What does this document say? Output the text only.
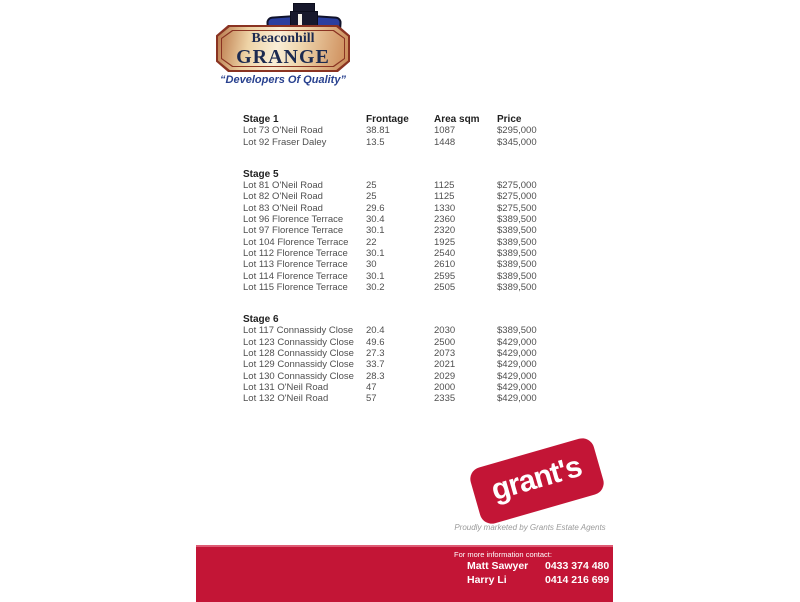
Beaconhill
GRANGE
“Developers Of Quality”
Stage 1	Frontage	Area sqm	Price
Lot 73 O'Neil Road	38.81	1087	$295,000
Lot 92 Fraser Daley	13.5	1448	$345,000
Stage 5
Lot 81 O'Neil Road	25	1125	$275,000
Lot 82 O'Neil Road	25	1125	$275,000
Lot 83 O'Neil Road	29.6	1330	$275,500
Lot 96 Florence Terrace	30.4	2360	$389,500
Lot 97 Florence Terrace	30.1	2320	$389,500
Lot 104 Florence Terrace	22	1925	$389,500
Lot 112 Florence Terrace	30.1	2540	$389,500
Lot 113 Florence Terrace	30	2610	$389,500
Lot 114 Florence Terrace	30.1	2595	$389,500
Lot 115 Florence Terrace	30.2	2505	$389,500
Stage 6
Lot 117 Connassidy Close	20.4	2030	$389,500
Lot 123 Connassidy Close	49.6	2500	$429,000
Lot 128 Connassidy Close	27.3	2073	$429,000
Lot 129 Connassidy Close	33.7	2021	$429,000
Lot 130 Connassidy Close	28.3	2029	$429,000
Lot 131 O'Neil Road	47	2000	$429,000
Lot 132 O'Neil Road	57	2335	$429,000
grant's
Proudly marketed by Grants Estate Agents
For more information contact:
Matt Sawyer	0433 374 480
Harry Li	0414 216 699
